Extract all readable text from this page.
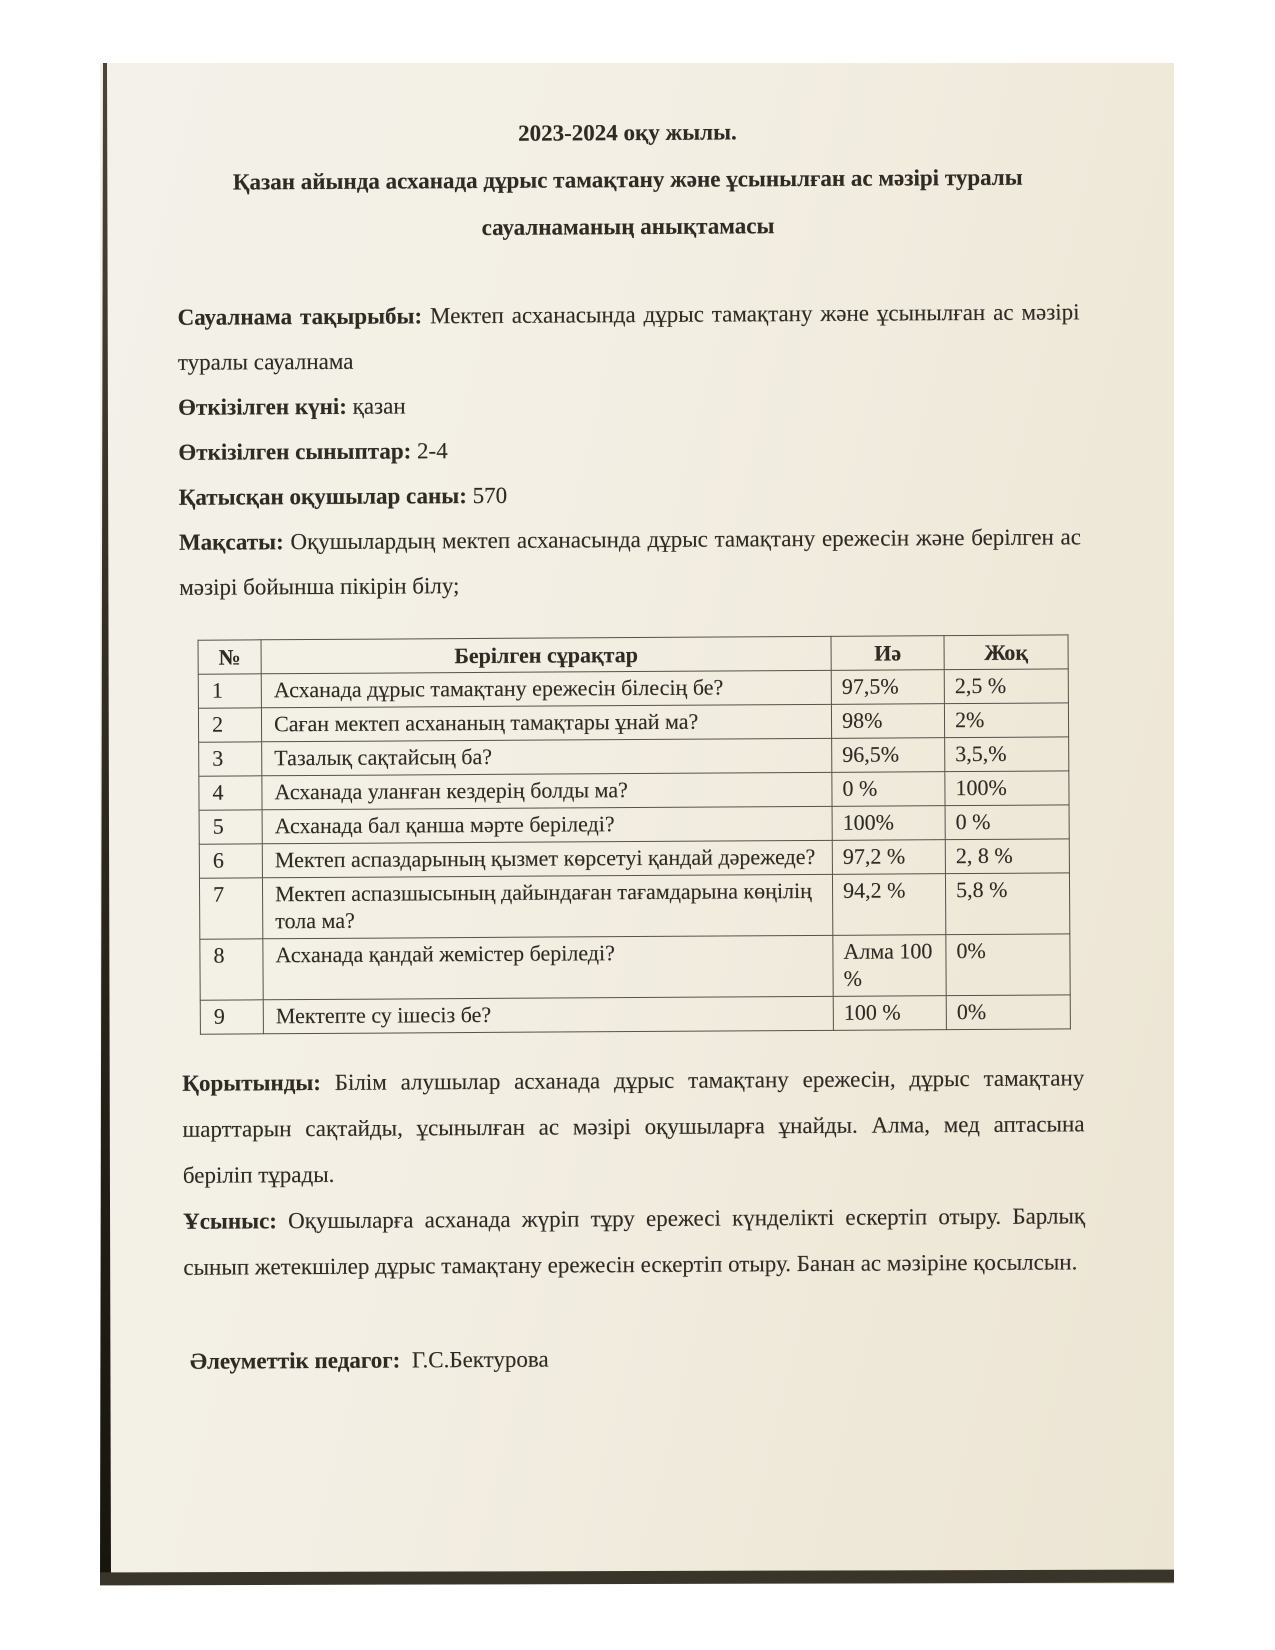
2023-2024 оқу жылы.

Қазан айында асханада дұрыс тамақтану және ұсынылған ас мәзірі туралы

сауалнаманың анықтамасы

Сауалнама тақырыбы: Мектеп асханасында дұрыс тамақтану және ұсынылған ас мәзірі туралы сауалнама

Өткізілген күні: қазан

Өткізілген сыныптар: 2-4

Қатысқан оқушылар саны: 570

Мақсаты: Оқушылардың мектеп асханасында дұрыс тамақтану ережесін және берілген ас мәзірі бойынша пікірін білу;

№	Берілген сұрақтар	Иә	Жоқ
1	Асханада дұрыс тамақтану ережесін білесің бе?	97,5%	2,5 %
2	Саған мектеп асхананың тамақтары ұнай ма?	98%	2%
3	Тазалық сақтайсың ба?	96,5%	3,5,%
4	Асханада уланған кездерің болды ма?	0 %	100%
5	Асханада бал қанша мәрте беріледі?	100%	0 %
6	Мектеп аспаздарының қызмет көрсетуі қандай дәрежеде?	97,2 %	2, 8 %
7	Мектеп аспазшысының дайындаған тағамдарына көңілің тола ма?	94,2 %	5,8 %
8	Асханада қандай жемістер беріледі?	Алма 100 %	0%
9	Мектепте су ішесіз бе?	100 %	0%

Қорытынды: Білім алушылар асханада дұрыс тамақтану ережесін, дұрыс тамақтану шарттарын сақтайды, ұсынылған ас мәзірі оқушыларға ұнайды. Алма, мед аптасына беріліп тұрады.

Ұсыныс: Оқушыларға асханада жүріп тұру ережесі күнделікті ескертіп отыру. Барлық сынып жетекшілер дұрыс тамақтану ережесін ескертіп отыру. Банан ас мәзіріне қосылсын.

Әлеуметтік педагог: Г.С.Бектурова
